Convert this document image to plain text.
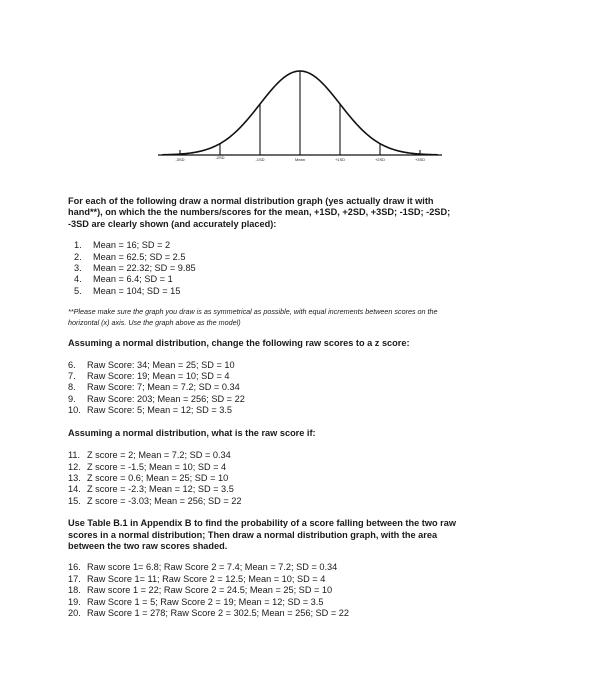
-3SD	-2SD	-1SD	Mean	+1SD	+2SD	+3SD
For each of the following draw a normal distribution graph (yes actually draw it with
hand**), on which the the numbers/scores for the mean, +1SD, +2SD, +3SD; -1SD; -2SD;
-3SD are clearly shown (and accurately placed):
1.	Mean = 16; SD = 2
2.	Mean = 62.5; SD = 2.5
3.	Mean = 22.32; SD = 9.85
4.	Mean = 6.4; SD = 1
5.	Mean = 104; SD = 15
**Please make sure the graph you draw is as symmetrical as possible, with equal increments between scores on the
horizontal (x) axis. Use the graph above as the model)
Assuming a normal distribution, change the following raw scores to a z score:
6.	Raw Score: 34; Mean = 25; SD = 10
7.	Raw Score: 19; Mean = 10; SD = 4
8.	Raw Score: 7; Mean = 7.2; SD = 0.34
9.	Raw Score: 203; Mean = 256; SD = 22
10. Raw Score: 5; Mean = 12; SD = 3.5
Assuming a normal distribution, what is the raw score if:
11. Z score = 2; Mean = 7.2; SD = 0.34
12. Z score = -1.5; Mean = 10; SD = 4
13. Z score = 0.6; Mean = 25; SD = 10
14. Z score = -2.3; Mean = 12; SD = 3.5
15. Z score = -3.03; Mean = 256; SD = 22
Use Table B.1 in Appendix B to find the probability of a score falling between the two raw
scores in a normal distribution; Then draw a normal distribution graph, with the area
between the two raw scores shaded.
16. Raw score 1= 6.8; Raw Score 2 = 7.4; Mean = 7.2; SD = 0.34
17. Raw Score 1= 11; Raw Score 2 = 12.5; Mean = 10; SD = 4
18. Raw score 1 = 22; Raw Score 2 = 24.5; Mean = 25; SD = 10
19. Raw Score 1 = 5; Raw Score 2 = 19; Mean = 12; SD = 3.5
20. Raw Score 1 = 278; Raw Score 2 = 302.5; Mean = 256; SD = 22
